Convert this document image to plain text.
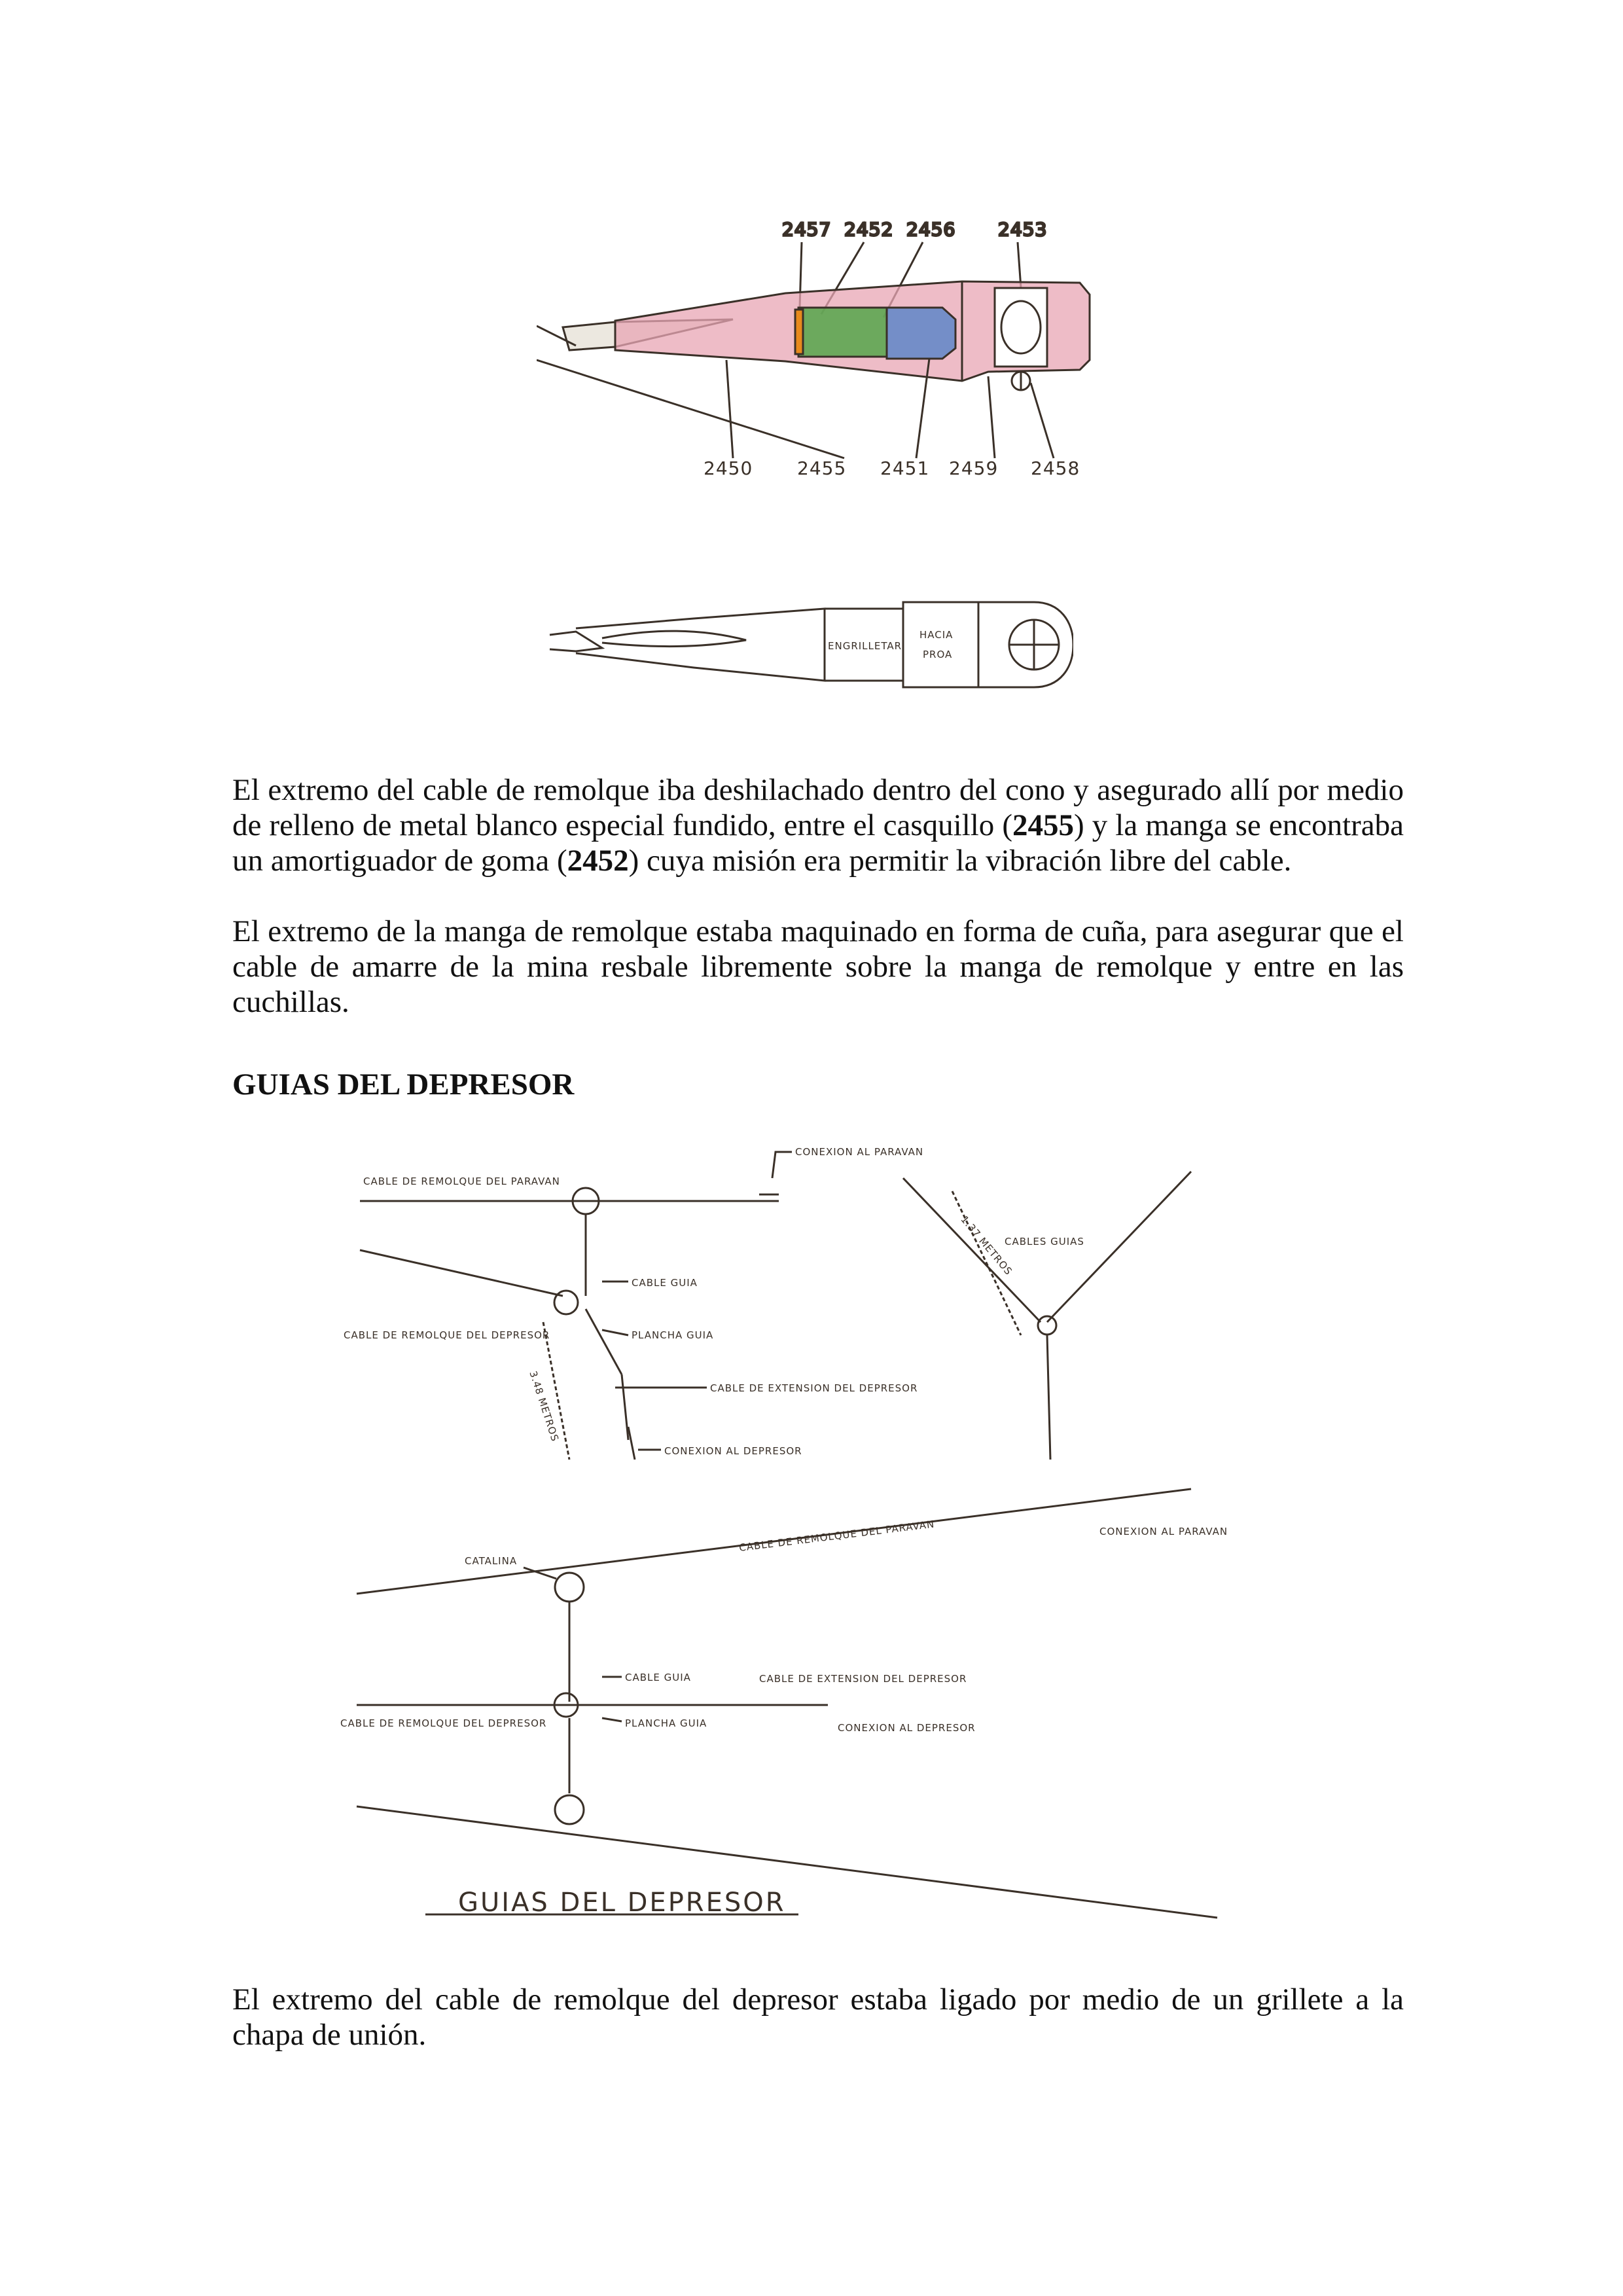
2457 2452 2456 2453
2450 2455 2451 2459 2458
ENGRILLETAR
HACIA
PROA
El extremo del cable de remolque iba deshilachado dentro del cono y asegurado allí por medio de relleno de metal blanco especial fundido, entre el casquillo (2455) y la manga se encontraba un amortiguador de goma (2452) cuya misión era permitir la vibración libre del cable.
El extremo de la manga de remolque estaba maquinado en forma de cuña, para asegurar que el cable de amarre de la mina resbale libremente sobre la manga de remolque y entre en las cuchillas.
GUIAS DEL DEPRESOR
CABLE DE REMOLQUE DEL PARAVAN
CONEXION AL PARAVAN
CABLE GUIA
CABLE DE REMOLQUE DEL DEPRESOR	PLANCHA GUIA
CABLE DE EXTENSION DEL DEPRESOR
3.48 METROS
CONEXION AL DEPRESOR
CABLES GUIAS
1.37 METROS
CATALINA
CABLE DE REMOLQUE DEL PARAVAN	CONEXION AL PARAVAN
CABLE GUIA	CABLE DE EXTENSION DEL DEPRESOR
CABLE DE REMOLQUE DEL DEPRESOR	PLANCHA GUIA	CONEXION AL DEPRESOR
GUIAS DEL DEPRESOR
El extremo del cable de remolque del depresor estaba ligado por medio de un grillete a la chapa de unión.
